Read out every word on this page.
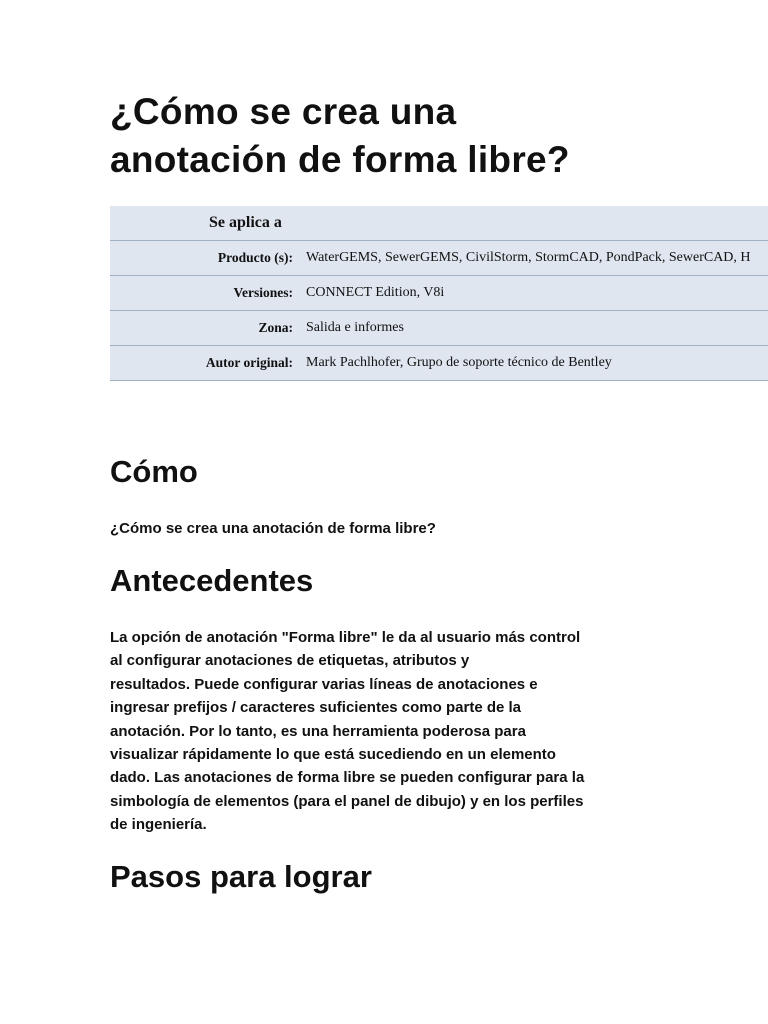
¿Cómo se crea una
anotación de forma libre?
Se aplica a	
Producto (s):	WaterGEMS, SewerGEMS, CivilStorm, StormCAD, PondPack, SewerCAD, H
Versiones:	CONNECT Edition, V8i
Zona:	Salida e informes
Autor original:	Mark Pachlhofer, Grupo de soporte técnico de Bentley
Cómo

¿Cómo se crea una anotación de forma libre?

Antecedentes

La opción de anotación "Forma libre" le da al usuario más control
al configurar anotaciones de etiquetas, atributos y
resultados. Puede configurar varias líneas de anotaciones e
ingresar prefijos / caracteres suficientes como parte de la
anotación. Por lo tanto, es una herramienta poderosa para
visualizar rápidamente lo que está sucediendo en un elemento
dado. Las anotaciones de forma libre se pueden configurar para la
simbología de elementos (para el panel de dibujo) y en los perfiles
de ingeniería.

Pasos para lograr
